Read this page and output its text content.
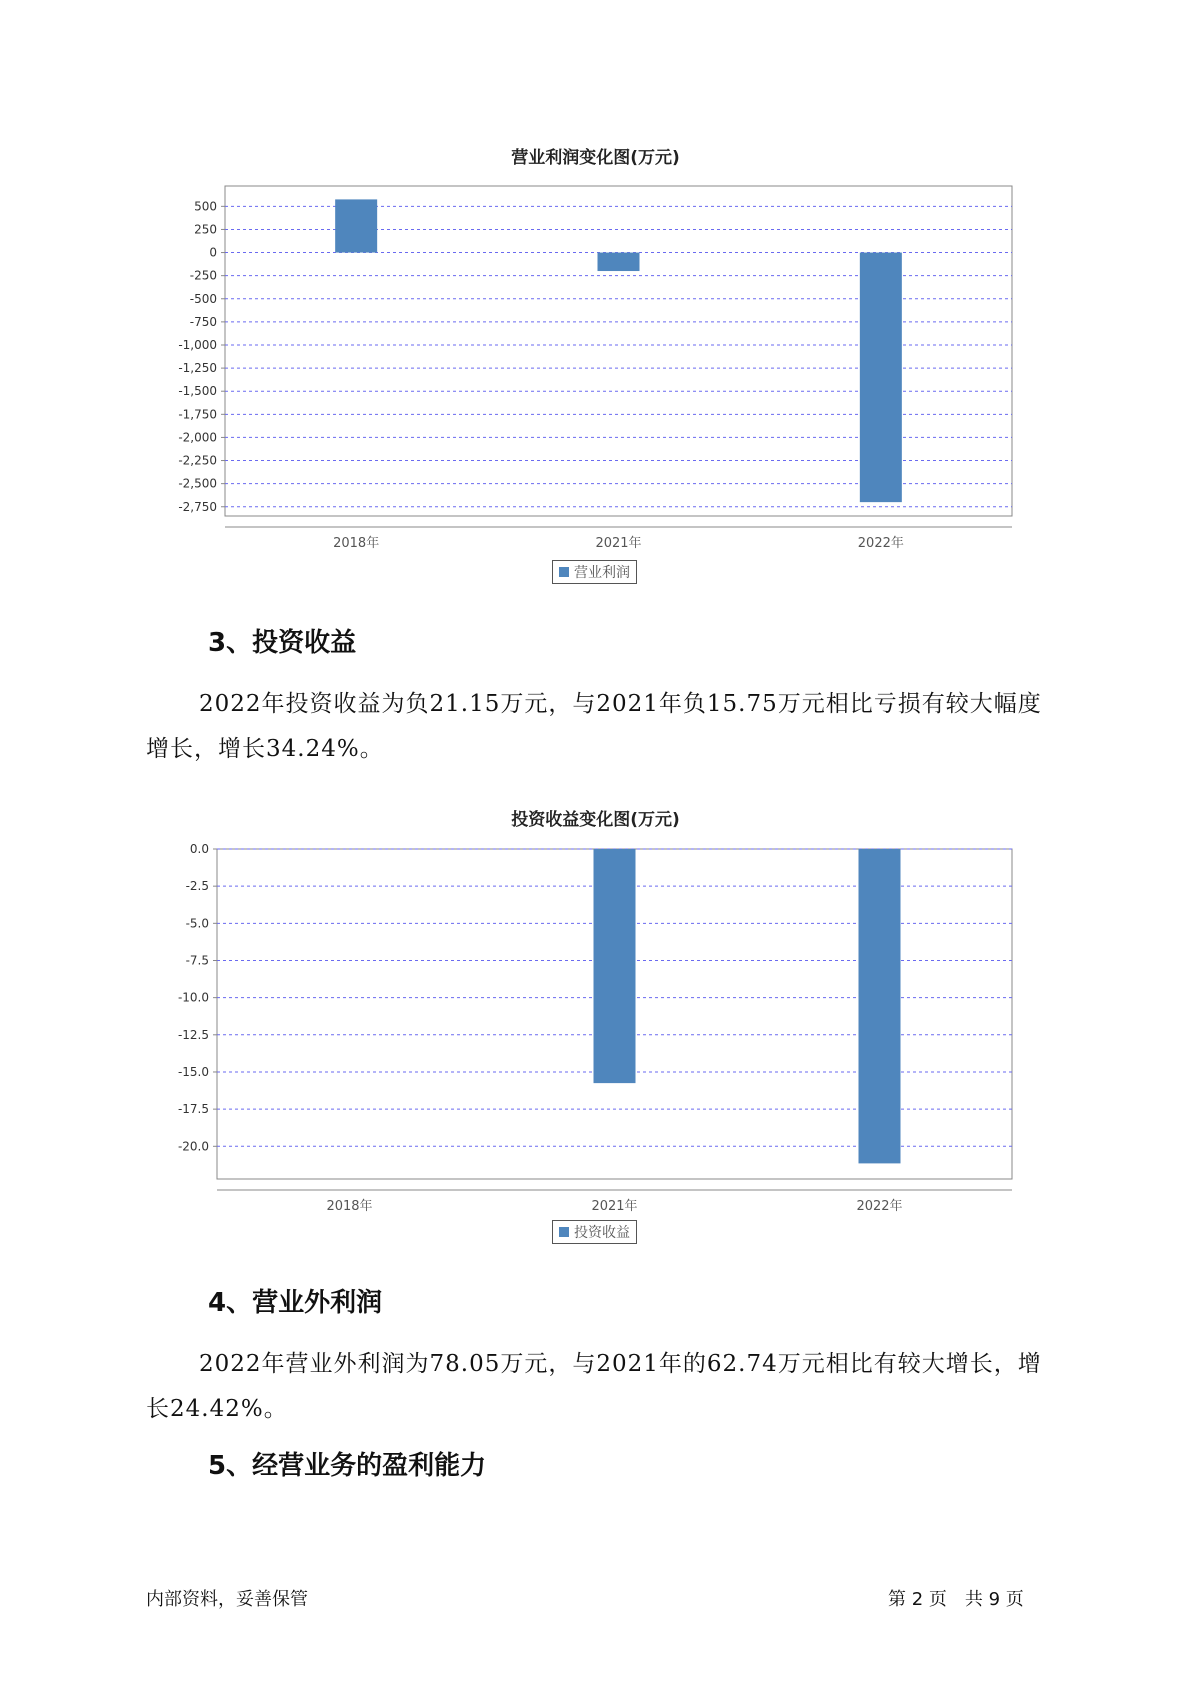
营业利润变化图(万元)
500
250
0
-250
-500
-750
-1,000
-1,250
-1,500
-1,750
-2,000
-2,250
-2,500
-2,750
2018年	2021年	2022年
营业利润
3、投资收益
2022年投资收益为负21.15万元，与2021年负15.75万元相比亏损有较大幅度增长，增长34.24%。
投资收益变化图(万元)
0.0
-2.5
-5.0
-7.5
-10.0
-12.5
-15.0
-17.5
-20.0
2018年	2021年	2022年
投资收益
4、营业外利润
2022年营业外利润为78.05万元，与2021年的62.74万元相比有较大增长，增长24.42%。
5、经营业务的盈利能力
内部资料，妥善保管	第 2 页　共 9 页
